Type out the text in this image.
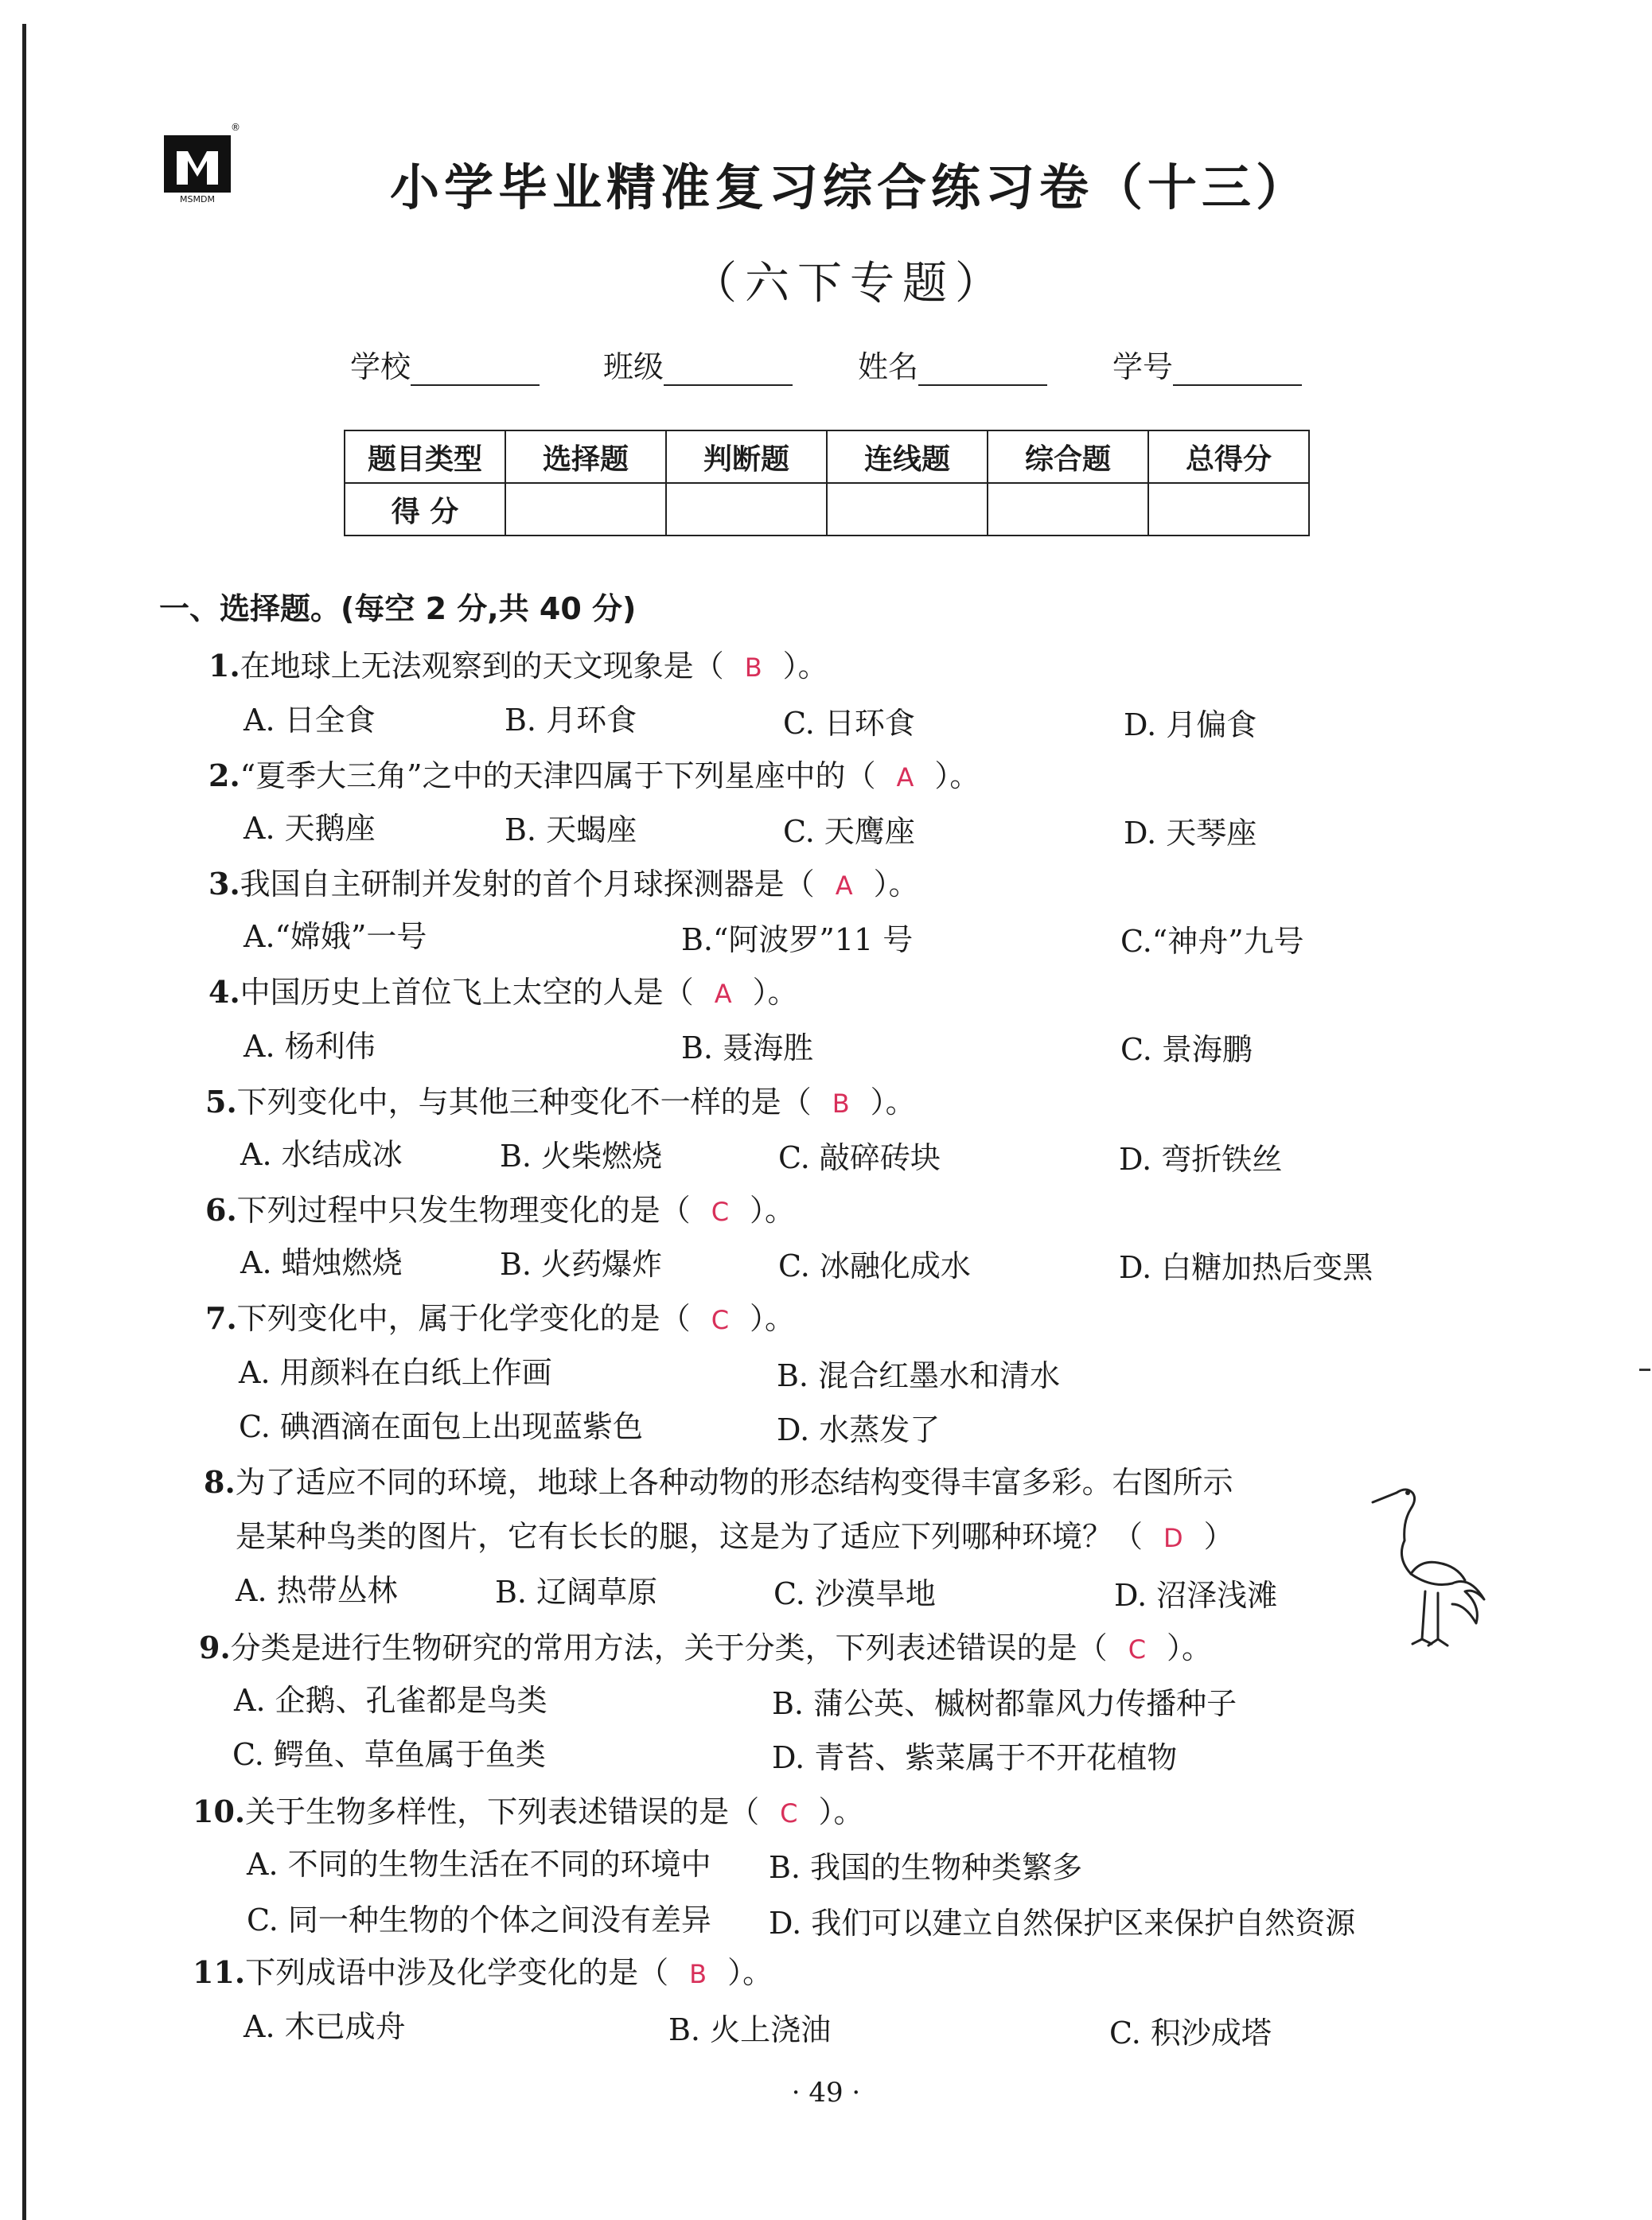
MSMDM
®
小学毕业精准复习综合练习卷（十三）
（六下专题）
学校	班级	姓名	学号
题目类型	选择题	判断题	连线题	综合题	总得分
得 分					
一、选择题。(每空 2 分,共 40 分)
1.在地球上无法观察到的天文现象是（ B ）。
A. 日全食	B. 月环食	C. 日环食	D. 月偏食
2.“夏季大三角”之中的天津四属于下列星座中的（ A ）。
A. 天鹅座	B. 天蝎座	C. 天鹰座	D. 天琴座
3.我国自主研制并发射的首个月球探测器是（ A ）。
A.“嫦娥”一号	B.“阿波罗”11 号	C.“神舟”九号
4.中国历史上首位飞上太空的人是（ A ）。
A. 杨利伟	B. 聂海胜	C. 景海鹏
5.下列变化中，与其他三种变化不一样的是（ B ）。
A. 水结成冰	B. 火柴燃烧	C. 敲碎砖块	D. 弯折铁丝
6.下列过程中只发生物理变化的是（ C ）。
A. 蜡烛燃烧	B. 火药爆炸	C. 冰融化成水	D. 白糖加热后变黑
7.下列变化中，属于化学变化的是（ C ）。
A. 用颜料在白纸上作画	B. 混合红墨水和清水
C. 碘酒滴在面包上出现蓝紫色	D. 水蒸发了
8.为了适应不同的环境，地球上各种动物的形态结构变得丰富多彩。右图所示
是某种鸟类的图片，它有长长的腿，这是为了适应下列哪种环境？（ D ）
A. 热带丛林	B. 辽阔草原	C. 沙漠旱地	D. 沼泽浅滩
9.分类是进行生物研究的常用方法，关于分类，下列表述错误的是（ C ）。
A. 企鹅、孔雀都是鸟类	B. 蒲公英、槭树都靠风力传播种子
C. 鳄鱼、草鱼属于鱼类	D. 青苔、紫菜属于不开花植物
10.关于生物多样性，下列表述错误的是（ C ）。
A. 不同的生物生活在不同的环境中 B. 我国的生物种类繁多
C. 同一种生物的个体之间没有差异 D. 我们可以建立自然保护区来保护自然资源
11.下列成语中涉及化学变化的是（ B ）。
A. 木已成舟	B. 火上浇油	C. 积沙成塔
· 49 ·
